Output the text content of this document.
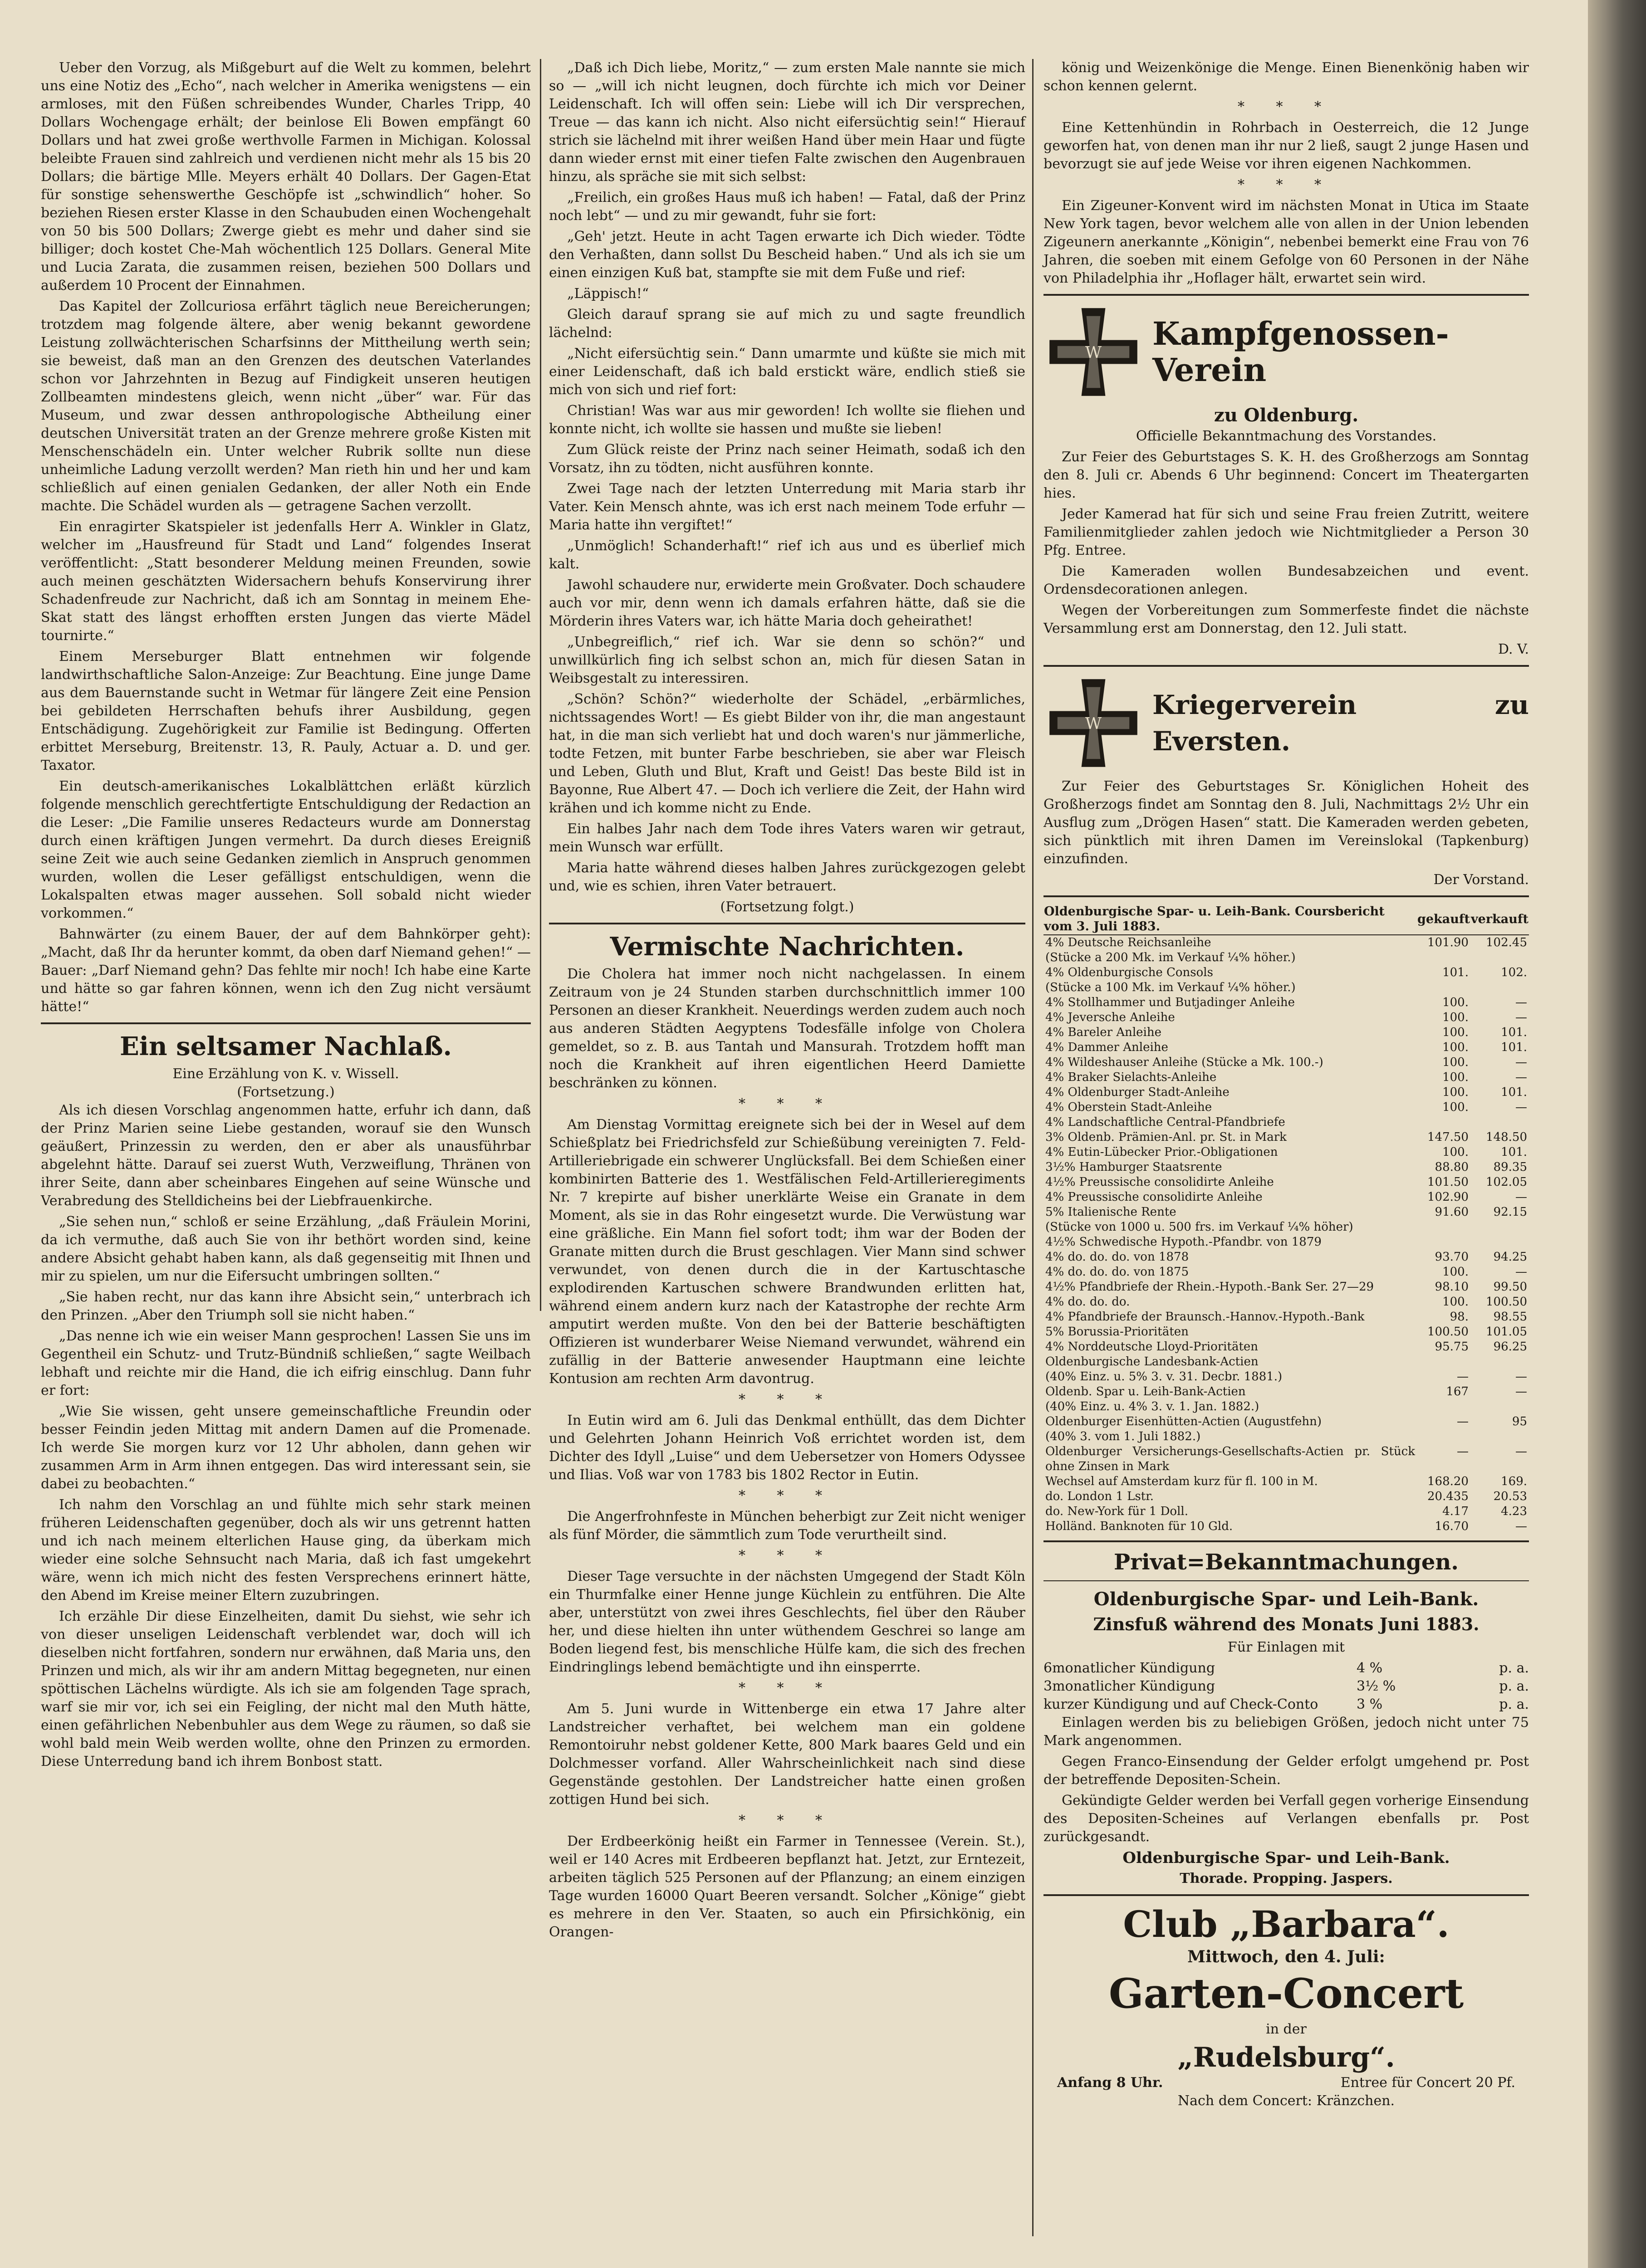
Ueber den Vorzug, als Mißgeburt auf die Welt zu kommen, belehrt uns eine Notiz des „Echo“, nach welcher in Amerika wenigstens — ein armloses, mit den Füßen schreibendes Wunder, Charles Tripp, 40 Dollars Wochengage erhält; der beinlose Eli Bowen empfängt 60 Dollars und hat zwei große werthvolle Farmen in Michigan. Kolossal beleibte Frauen sind zahlreich und verdienen nicht mehr als 15 bis 20 Dollars; die bärtige Mlle. Meyers erhält 40 Dollars. Der Gagen-Etat für sonstige sehenswerthe Geschöpfe ist „schwindlich“ hoher. So beziehen Riesen erster Klasse in den Schaubuden einen Wochengehalt von 50 bis 500 Dollars; Zwerge giebt es mehr und daher sind sie billiger; doch kostet Che-Mah wöchentlich 125 Dollars. General Mite und Lucia Zarata, die zusammen reisen, beziehen 500 Dollars und außerdem 10 Procent der Einnahmen.

Das Kapitel der Zollcuriosa erfährt täglich neue Bereicherungen; trotzdem mag folgende ältere, aber wenig bekannt gewordene Leistung zollwächterischen Scharfsinns der Mittheilung werth sein; sie beweist, daß man an den Grenzen des deutschen Vaterlandes schon vor Jahrzehnten in Bezug auf Findigkeit unseren heutigen Zollbeamten mindestens gleich, wenn nicht „über“ war. Für das Museum, und zwar dessen anthropologische Abtheilung einer deutschen Universität traten an der Grenze mehrere große Kisten mit Menschenschädeln ein. Unter welcher Rubrik sollte nun diese unheimliche Ladung verzollt werden? Man rieth hin und her und kam schließlich auf einen genialen Gedanken, der aller Noth ein Ende machte. Die Schädel wurden als — getragene Sachen verzollt.

Ein enragirter Skatspieler ist jedenfalls Herr A. Winkler in Glatz, welcher im „Hausfreund für Stadt und Land“ folgendes Inserat veröffentlicht: „Statt besonderer Meldung meinen Freunden, sowie auch meinen geschätzten Widersachern behufs Konservirung ihrer Schadenfreude zur Nachricht, daß ich am Sonntag in meinem Ehe-Skat statt des längst erhofften ersten Jungen das vierte Mädel tournirte.“

Einem Merseburger Blatt entnehmen wir folgende landwirthschaftliche Salon-Anzeige: Zur Beachtung. Eine junge Dame aus dem Bauernstande sucht in Wetmar für längere Zeit eine Pension bei gebildeten Herrschaften behufs ihrer Ausbildung, gegen Entschädigung. Zugehörigkeit zur Familie ist Bedingung. Offerten erbittet Merseburg, Breitenstr. 13, R. Pauly, Actuar a. D. und ger. Taxator.

Ein deutsch-amerikanisches Lokalblättchen erläßt kürzlich folgende menschlich gerechtfertigte Entschuldigung der Redaction an die Leser: „Die Familie unseres Redacteurs wurde am Donnerstag durch einen kräftigen Jungen vermehrt. Da durch dieses Ereigniß seine Zeit wie auch seine Gedanken ziemlich in Anspruch genommen wurden, wollen die Leser gefälligst entschuldigen, wenn die Lokalspalten etwas mager aussehen. Soll sobald nicht wieder vorkommen.“

Bahnwärter (zu einem Bauer, der auf dem Bahnkörper geht): „Macht, daß Ihr da herunter kommt, da oben darf Niemand gehen!“ — Bauer: „Darf Niemand gehn? Das fehlte mir noch! Ich habe eine Karte und hätte so gar fahren können, wenn ich den Zug nicht versäumt hätte!“

Ein seltsamer Nachlaß.

Eine Erzählung von K. v. Wissell.

(Fortsetzung.)

Als ich diesen Vorschlag angenommen hatte, erfuhr ich dann, daß der Prinz Marien seine Liebe gestanden, worauf sie den Wunsch geäußert, Prinzessin zu werden, den er aber als unausführbar abgelehnt hätte. Darauf sei zuerst Wuth, Verzweiflung, Thränen von ihrer Seite, dann aber scheinbares Eingehen auf seine Wünsche und Verabredung des Stelldicheins bei der Liebfrauenkirche.

„Sie sehen nun,“ schloß er seine Erzählung, „daß Fräulein Morini, da ich vermuthe, daß auch Sie von ihr bethört worden sind, keine andere Absicht gehabt haben kann, als daß gegenseitig mit Ihnen und mir zu spielen, um nur die Eifersucht umbringen sollten.“

„Sie haben recht, nur das kann ihre Absicht sein,“ unterbrach ich den Prinzen. „Aber den Triumph soll sie nicht haben.“

„Das nenne ich wie ein weiser Mann gesprochen! Lassen Sie uns im Gegentheil ein Schutz- und Trutz-Bündniß schließen,“ sagte Weilbach lebhaft und reichte mir die Hand, die ich eifrig einschlug. Dann fuhr er fort:

„Wie Sie wissen, geht unsere gemeinschaftliche Freundin oder besser Feindin jeden Mittag mit andern Damen auf die Promenade. Ich werde Sie morgen kurz vor 12 Uhr abholen, dann gehen wir zusammen Arm in Arm ihnen entgegen. Das wird interessant sein, sie dabei zu beobachten.“

Ich nahm den Vorschlag an und fühlte mich sehr stark meinen früheren Leidenschaften gegenüber, doch als wir uns getrennt hatten und ich nach meinem elterlichen Hause ging, da überkam mich wieder eine solche Sehnsucht nach Maria, daß ich fast umgekehrt wäre, wenn ich mich nicht des festen Versprechens erinnert hätte, den Abend im Kreise meiner Eltern zuzubringen.

Ich erzähle Dir diese Einzelheiten, damit Du siehst, wie sehr ich von dieser unseligen Leidenschaft verblendet war, doch will ich dieselben nicht fortfahren, sondern nur erwähnen, daß Maria uns, den Prinzen und mich, als wir ihr am andern Mittag begegneten, nur einen spöttischen Lächelns würdigte. Als ich sie am folgenden Tage sprach, warf sie mir vor, ich sei ein Feigling, der nicht mal den Muth hätte, einen gefährlichen Nebenbuhler aus dem Wege zu räumen, so daß sie wohl bald mein Weib werden wollte, ohne den Prinzen zu ermorden. Diese Unterredung band ich ihrem Bonbost statt.

„Daß ich Dich liebe, Moritz,“ — zum ersten Male nannte sie mich so — „will ich nicht leugnen, doch fürchte ich mich vor Deiner Leidenschaft. Ich will offen sein: Liebe will ich Dir versprechen, Treue — das kann ich nicht. Also nicht eifersüchtig sein!“ Hierauf strich sie lächelnd mit ihrer weißen Hand über mein Haar und fügte dann wieder ernst mit einer tiefen Falte zwischen den Augenbrauen hinzu, als spräche sie mit sich selbst:

„Freilich, ein großes Haus muß ich haben! — Fatal, daß der Prinz noch lebt“ — und zu mir gewandt, fuhr sie fort:

„Geh' jetzt. Heute in acht Tagen erwarte ich Dich wieder. Tödte den Verhaßten, dann sollst Du Bescheid haben.“ Und als ich sie um einen einzigen Kuß bat, stampfte sie mit dem Fuße und rief:

„Läppisch!“

Gleich darauf sprang sie auf mich zu und sagte freundlich lächelnd:

„Nicht eifersüchtig sein.“ Dann umarmte und küßte sie mich mit einer Leidenschaft, daß ich bald erstickt wäre, endlich stieß sie mich von sich und rief fort:

Christian! Was war aus mir geworden! Ich wollte sie fliehen und konnte nicht, ich wollte sie hassen und mußte sie lieben!

Zum Glück reiste der Prinz nach seiner Heimath, sodaß ich den Vorsatz, ihn zu tödten, nicht ausführen konnte.

Zwei Tage nach der letzten Unterredung mit Maria starb ihr Vater. Kein Mensch ahnte, was ich erst nach meinem Tode erfuhr — Maria hatte ihn vergiftet!“

„Unmöglich! Schanderhaft!“ rief ich aus und es überlief mich kalt.

Jawohl schaudere nur, erwiderte mein Großvater. Doch schaudere auch vor mir, denn wenn ich damals erfahren hätte, daß sie die Mörderin ihres Vaters war, ich hätte Maria doch geheirathet!

„Unbegreiflich,“ rief ich. War sie denn so schön?“ und unwillkürlich fing ich selbst schon an, mich für diesen Satan in Weibsgestalt zu interessiren.

„Schön? Schön?“ wiederholte der Schädel, „erbärmliches, nichtssagendes Wort! — Es giebt Bilder von ihr, die man angestaunt hat, in die man sich verliebt hat und doch waren's nur jämmerliche, todte Fetzen, mit bunter Farbe beschrieben, sie aber war Fleisch und Leben, Gluth und Blut, Kraft und Geist! Das beste Bild ist in Bayonne, Rue Albert 47. — Doch ich verliere die Zeit, der Hahn wird krähen und ich komme nicht zu Ende.

Ein halbes Jahr nach dem Tode ihres Vaters waren wir getraut, mein Wunsch war erfüllt.

Maria hatte während dieses halben Jahres zurückgezogen gelebt und, wie es schien, ihren Vater betrauert.

(Fortsetzung folgt.)

Vermischte Nachrichten.

Die Cholera hat immer noch nicht nachgelassen. In einem Zeitraum von je 24 Stunden starben durchschnittlich immer 100 Personen an dieser Krankheit. Neuerdings werden zudem auch noch aus anderen Städten Aegyptens Todesfälle infolge von Cholera gemeldet, so z. B. aus Tantah und Mansurah. Trotzdem hofft man noch die Krankheit auf ihren eigentlichen Heerd Damiette beschränken zu können.

* * *

Am Dienstag Vormittag ereignete sich bei der in Wesel auf dem Schießplatz bei Friedrichsfeld zur Schießübung vereinigten 7. Feld-Artilleriebrigade ein schwerer Unglücksfall. Bei dem Schießen einer kombinirten Batterie des 1. Westfälischen Feld-Artillerieregiments Nr. 7 krepirte auf bisher unerklärte Weise ein Granate in dem Moment, als sie in das Rohr eingesetzt wurde. Die Verwüstung war eine gräßliche. Ein Mann fiel sofort todt; ihm war der Boden der Granate mitten durch die Brust geschlagen. Vier Mann sind schwer verwundet, von denen durch die in der Kartuschtasche explodirenden Kartuschen schwere Brandwunden erlitten hat, während einem andern kurz nach der Katastrophe der rechte Arm amputirt werden mußte. Von den bei der Batterie beschäftigten Offizieren ist wunderbarer Weise Niemand verwundet, während ein zufällig in der Batterie anwesender Hauptmann eine leichte Kontusion am rechten Arm davontrug.

* * *

In Eutin wird am 6. Juli das Denkmal enthüllt, das dem Dichter und Gelehrten Johann Heinrich Voß errichtet worden ist, dem Dichter des Idyll „Luise“ und dem Uebersetzer von Homers Odyssee und Ilias. Voß war von 1783 bis 1802 Rector in Eutin.

* * *

Die Angerfrohnfeste in München beherbigt zur Zeit nicht weniger als fünf Mörder, die sämmtlich zum Tode verurtheilt sind.

* * *

Dieser Tage versuchte in der nächsten Umgegend der Stadt Köln ein Thurmfalke einer Henne junge Küchlein zu entführen. Die Alte aber, unterstützt von zwei ihres Geschlechts, fiel über den Räuber her, und diese hielten ihn unter wüthendem Geschrei so lange am Boden liegend fest, bis menschliche Hülfe kam, die sich des frechen Eindringlings lebend bemächtigte und ihn einsperrte.

* * *

Am 5. Juni wurde in Wittenberge ein etwa 17 Jahre alter Landstreicher verhaftet, bei welchem man ein goldene Remontoiruhr nebst goldener Kette, 800 Mark baares Geld und ein Dolchmesser vorfand. Aller Wahrscheinlichkeit nach sind diese Gegenstände gestohlen. Der Landstreicher hatte einen großen zottigen Hund bei sich.

* * *

Der Erdbeerkönig heißt ein Farmer in Tennessee (Verein. St.), weil er 140 Acres mit Erdbeeren bepflanzt hat. Jetzt, zur Erntezeit, arbeiten täglich 525 Personen auf der Pflanzung; an einem einzigen Tage wurden 16000 Quart Beeren versandt. Solcher „Könige“ giebt es mehrere in den Ver. Staaten, so auch ein Pfirsichkönig, ein Orangen-

könig und Weizenkönige die Menge. Einen Bienenkönig haben wir schon kennen gelernt.

* * *

Eine Kettenhündin in Rohrbach in Oesterreich, die 12 Junge geworfen hat, von denen man ihr nur 2 ließ, saugt 2 junge Hasen und bevorzugt sie auf jede Weise vor ihren eigenen Nachkommen.

* * *

Ein Zigeuner-Konvent wird im nächsten Monat in Utica im Staate New York tagen, bevor welchem alle von allen in der Union lebenden Zigeunern anerkannte „Königin“, nebenbei bemerkt eine Frau von 76 Jahren, die soeben mit einem Gefolge von 60 Personen in der Nähe von Philadelphia ihr „Hoflager hält, erwartet sein wird.

W
Kampfgenossen-Verein
zu Oldenburg.

Officielle Bekanntmachung des Vorstandes.

Zur Feier des Geburtstages S. K. H. des Großherzogs am Sonntag den 8. Juli cr. Abends 6 Uhr beginnend: Concert im Theatergarten hies.

Jeder Kamerad hat für sich und seine Frau freien Zutritt, weitere Familienmitglieder zahlen jedoch wie Nichtmitglieder a Person 30 Pfg. Entree.

Die Kameraden wollen Bundesabzeichen und event. Ordensdecorationen anlegen.

Wegen der Vorbereitungen zum Sommerfeste findet die nächste Versammlung erst am Donnerstag, den 12. Juli statt.

D. V.

W
Kriegerverein zu Eversten.

Zur Feier des Geburtstages Sr. Königlichen Hoheit des Großherzogs findet am Sonntag den 8. Juli, Nachmittags 2½ Uhr ein Ausflug zum „Drögen Hasen“ statt. Die Kameraden werden gebeten, sich pünktlich mit ihren Damen im Vereinslokal (Tapkenburg) einzufinden.

Der Vorstand.

Oldenburgische Spar- u. Leih-Bank. Coursbericht vom 3. Juli 1883.	gekauft	verkauft
4% Deutsche Reichsanleihe	101.90	102.45
(Stücke a 200 Mk. im Verkauf ¼% höher.)		
4% Oldenburgische Consols	101.	102.
(Stücke a 100 Mk. im Verkauf ¼% höher.)		
4% Stollhammer und Butjadinger Anleihe	100.	—
4% Jeversche Anleihe	100.	—
4% Bareler Anleihe	100.	101.
4% Dammer Anleihe	100.	101.
4% Wildeshauser Anleihe (Stücke a Mk. 100.-)	100.	—
4% Braker Sielachts-Anleihe	100.	—
4% Oldenburger Stadt-Anleihe	100.	101.
4% Oberstein Stadt-Anleihe	100.	—
4% Landschaftliche Central-Pfandbriefe		
3% Oldenb. Prämien-Anl. pr. St. in Mark	147.50	148.50
4% Eutin-Lübecker Prior.-Obligationen	100.	101.
3½% Hamburger Staatsrente	88.80	89.35
4½% Preussische consolidirte Anleihe	101.50	102.05
4% Preussische consolidirte Anleihe	102.90	—
5% Italienische Rente	91.60	92.15
(Stücke von 1000 u. 500 frs. im Verkauf ¼% höher)		
4½% Schwedische Hypoth.-Pfandbr. von 1879		
4% do. do. do. von 1878	93.70	94.25
4% do. do. do. von 1875	100.	—
4½% Pfandbriefe der Rhein.-Hypoth.-Bank Ser. 27—29	98.10	99.50
4% do. do. do.	100.	100.50
4% Pfandbriefe der Braunsch.-Hannov.-Hypoth.-Bank	98.	98.55
5% Borussia-Prioritäten	100.50	101.05
4% Norddeutsche Lloyd-Prioritäten	95.75	96.25
Oldenburgische Landesbank-Actien		
(40% Einz. u. 5% 3. v. 31. Decbr. 1881.)	—	—
Oldenb. Spar u. Leih-Bank-Actien	167	—
(40% Einz. u. 4% 3. v. 1. Jan. 1882.)		
Oldenburger Eisenhütten-Actien (Augustfehn)	—	95
(40% 3. vom 1. Juli 1882.)		
Oldenburger Versicherungs-Gesellschafts-Actien pr. Stück ohne Zinsen in Mark	—	—
Wechsel auf Amsterdam kurz für fl. 100 in M.	168.20	169.
do. London 1 Lstr.	20.435	20.53
do. New-York für 1 Doll.	4.17	4.23
Holländ. Banknoten für 10 Gld.	16.70	—
Privat=Bekanntmachungen.
Oldenburgische Spar- und Leih-Bank.

Zinsfuß während des Monats Juni 1883.

Für Einlagen mit

6monatlicher Kündigung	4 %	p. a.
3monatlicher Kündigung	3½ %	p. a.
kurzer Kündigung und auf Check-Conto	3 %	p. a.

Einlagen werden bis zu beliebigen Größen, jedoch nicht unter 75 Mark angenommen.

Gegen Franco-Einsendung der Gelder erfolgt umgehend pr. Post der betreffende Depositen-Schein.

Gekündigte Gelder werden bei Verfall gegen vorherige Einsendung des Depositen-Scheines auf Verlangen ebenfalls pr. Post zurückgesandt.

Oldenburgische Spar- und Leih-Bank.

Thorade. Propping. Jaspers.

Club „Barbara“.

Mittwoch, den 4. Juli:

Garten-Concert

in der

„Rudelsburg“.
Anfang 8 Uhr.	Entree für Concert 20 Pf.

Nach dem Concert: Kränzchen.
